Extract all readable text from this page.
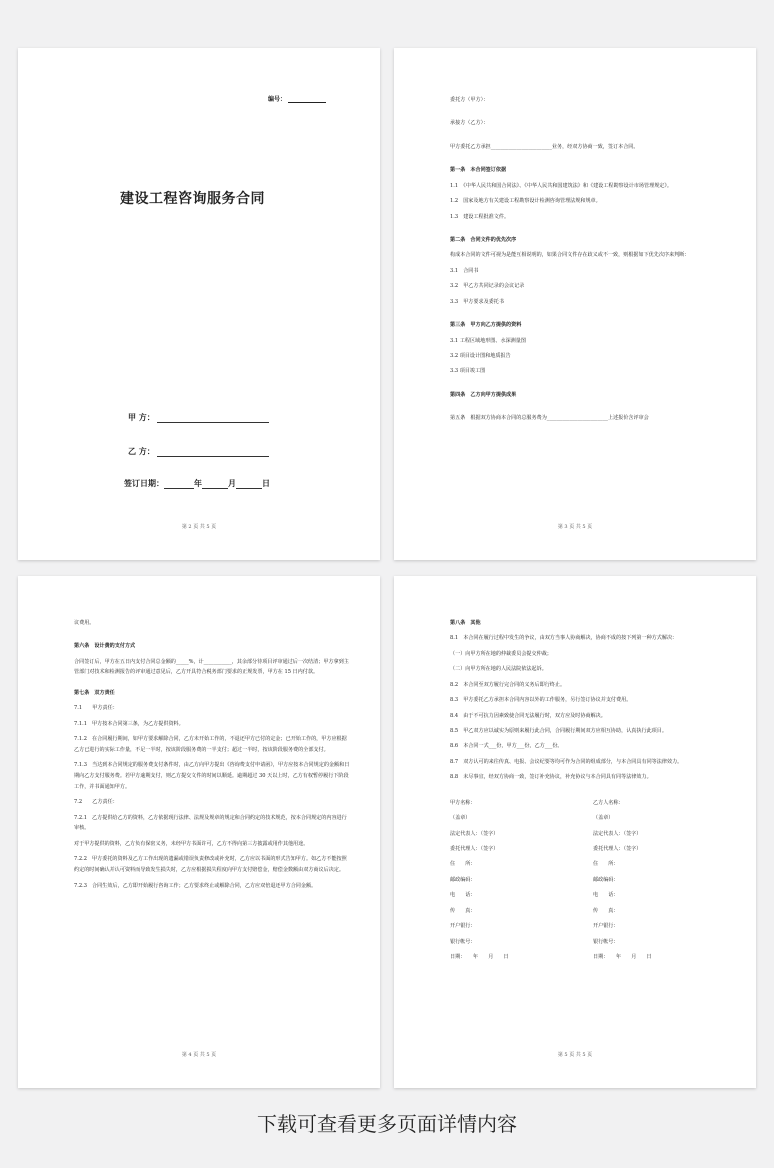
编号：
建设工程咨询服务合同
甲 方：
乙 方：
签订日期：	年	月	日
第 2 页 共 5 页

委托方（甲方）：

承接方（乙方）：

甲方委托乙方承担________________________业务，经双方协商一致，签订本合同。

第一条　本合同签订依据

1.1　《中华人民共和国合同法》、《中华人民共和国建筑法》和《建设工程勘察设计市场管理规定》。

1.2　国家及地方有关建设工程勘察设计检测咨询管理法规和规章。

1.3　建设工程批准文件。

第二条　合同文件的优先次序

构成本合同的文件可视为是能互相说明的，如果合同文件存在歧义或不一致，则根据如下优先次序来判断：

3.1　合同书

3.2　甲乙方共同记录的会议记录

3.3　甲方要求及委托书

第三条　甲方向乙方提供的资料

3.1 工程区域地形图、水深测量图

3.2 项目设计图和地质报告

3.3 项目竣工图

第四条　乙方向甲方提供成果

第五条　根据双方协商本合同的总服务费为________________________上述报价含评审会

第 3 页 共 5 页

议费用。

第六条　设计费的支付方式

合同签订后，甲方在五日内支付合同总金额的_____%，计___________，其余部分待项目评审通过后一次结清；甲方拿到主管部门对技术和检测报告的评审通过意见后，乙方开具符合税务部门要求的正规发票，甲方在 15 日内付款。

第七条　双方责任

7.1　　甲方责任：

7.1.1　甲方按本合同第三条，为乙方提供资料。

7.1.2　在合同履行期间，如甲方要求解除合同，乙方未开始工作的，不退还甲方已付的定金；已开始工作的，甲方应根据乙方已进行的实际工作量，不足一半时，按该阶段服务费的一半支付；超过一半时，按该阶段服务费的全部支付。

7.1.3　当达到本合同规定的服务费支付条件时，由乙方向甲方提出《咨询费支付申请函》，甲方应按本合同规定的金额和日期向乙方支付服务费。若甲方逾期支付，则乙方提交文件的时间以顺延。逾期超过 30 天以上时，乙方有权暂停履行下阶段工作，并书面通知甲方。

7.2　　乙方责任：

7.2.1　乙方提供给乙方的资料，乙方依据现行法律、法规及规章的规定和合同约定的技术规范，按本合同规定的内容进行审核。

对于甲方提供的资料，乙方负有保密义务，未经甲方书面许可，乙方不得向第三方披露或用作其他用途。

7.2.2　甲方委托的资料及乙方工作出现的遗漏或错误负责修改或补充时，乙方应以书面的形式告知甲方。如乙方不能按照约定的时间确认并认可资料而导致发生损失时，乙方应根据损失程度向甲方支付赔偿金，赔偿金数额由双方商议后决定。

7.2.3　合同生效后，乙方即开始履行咨询工作；乙方要求终止或解除合同，乙方应双倍退还甲方合同金额。

第 4 页 共 5 页

第八条　其他

8.1　本合同在履行过程中发生的争议，由双方当事人协商解决，协商不成的按下列第一种方式解决：

（一）向甲方所在地的仲裁委员会提交仲裁；

（二）向甲方所在地的人民法院依法起诉。

8.2　本合同至双方履行完合同的义务后即行终止。

8.3　甲方委托乙方承担本合同内容以外的工作服务，另行签订协议并支付费用。

8.4　由于不可抗力因素致使合同无法履行时，双方应及时协商解决。

8.5　甲乙双方应以诚实为原则来履行此合同，合同履行期间双方应相互协助，认真执行此项目。

8.6　本合同一式___份，甲方___份，乙方___份。

8.7　双方认可的来往传真、电报、会议纪要等均可作为合同的组成部分，与本合同具有同等法律效力。

8.8　未尽事宜，经双方协商一致，签订补充协议，补充协议与本合同具有同等法律效力。

甲方名称：	乙方人名称：
（盖章）	（盖章）
法定代表人：（签字）	法定代表人：（签字）
委托代理人：（签字）	委托代理人：（签字）
住　　所：	住　　所：
邮政编码：	邮政编码：
电　　话：	电　　话：
传　　真：	传　　真：
开户银行：	开户银行：
银行帐号：	银行帐号：
日期：　　年　　月　　日	日期：　　年　　月　　日
第 5 页 共 5 页
下载可查看更多页面详情内容
